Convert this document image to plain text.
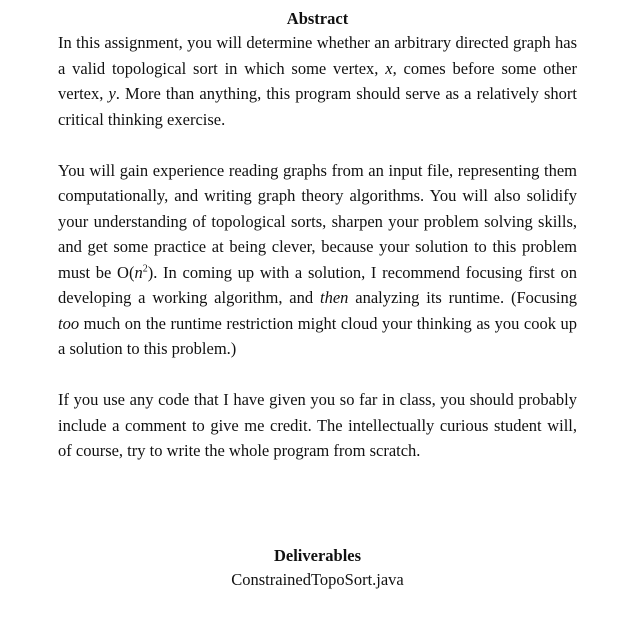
Abstract

In this assignment, you will determine whether an arbitrary directed graph has a valid topological sort in which some vertex, x, comes before some other vertex, y. More than anything, this program should serve as a relatively short critical thinking exercise.

You will gain experience reading graphs from an input file, representing them computationally, and writing graph theory algorithms. You will also solidify your understanding of topological sorts, sharpen your problem solving skills, and get some practice at being clever, because your solution to this problem must be $O(n^2)$. In coming up with a solution, I recommend focusing first on developing a working algorithm, and then analyzing its runtime. (Focusing too much on the runtime restriction might cloud your thinking as you cook up a solution to this problem.)

If you use any code that I have given you so far in class, you should probably include a comment to give me credit. The intellectually curious student will, of course, try to write the whole program from scratch.

Deliverables

ConstrainedTopoSort.java
